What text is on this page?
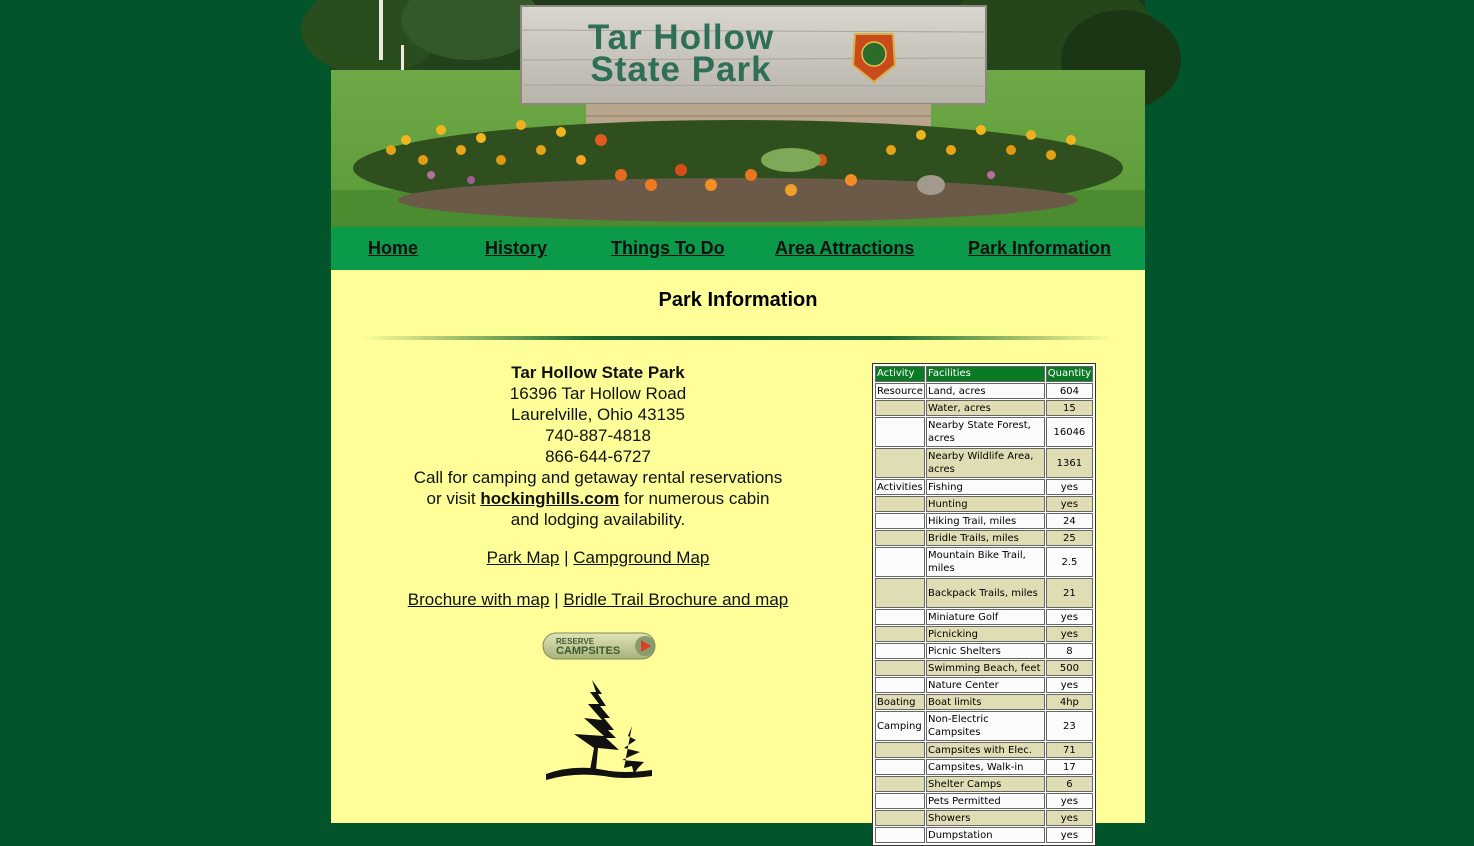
Tar Hollow
State Park
Home	History	Things To Do	Area Attractions	Park Information
Park Information
Tar Hollow State Park
16396 Tar Hollow Road
Laurelville, Ohio 43135
740-887-4818
866-644-6727
Call for camping and getaway rental reservations
or visit hockinghills.com for numerous cabin
and lodging availability.
Park Map | Campground Map
Brochure with map | Bridle Trail Brochure and map
RESERVE
CAMPSITES
Activity	Facilities	Quantity
Resource	Land, acres	604
	Water, acres	15
	Nearby State Forest, acres	16046
	Nearby Wildlife Area, acres	1361
Activities	Fishing	yes
	Hunting	yes
	Hiking Trail, miles	24
	Bridle Trails, miles	25
	Mountain Bike Trail, miles	2.5
	Backpack Trails, miles	21
	Miniature Golf	yes
	Picnicking	yes
	Picnic Shelters	8
	Swimming Beach, feet	500
	Nature Center	yes
Boating	Boat limits	4hp
Camping	Non-Electric Campsites	23
	Campsites with Elec.	71
	Campsites, Walk-in	17
	Shelter Camps	6
	Pets Permitted	yes
	Showers	yes
	Dumpstation	yes
